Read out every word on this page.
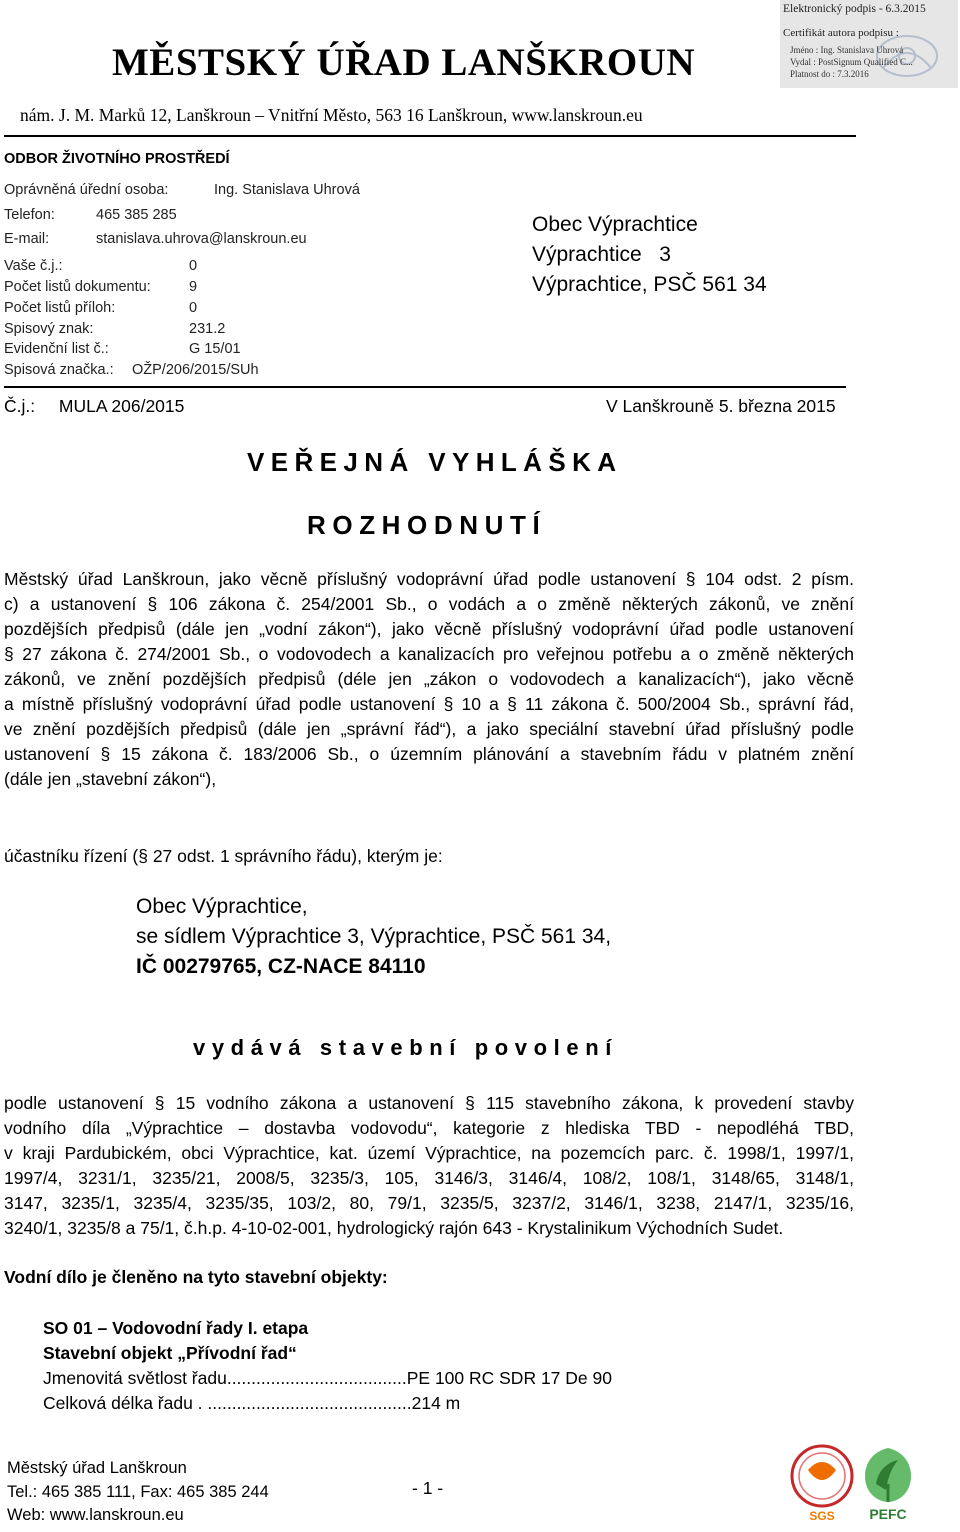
Elektronický podpis - 6.3.2015
Certifikát autora podpisu :
Jméno : Ing. Stanislava Uhrová
Vydal : PostSignum Qualified C...
Platnost do : 7.3.2016
MĚSTSKÝ ÚŘAD LANŠKROUN
nám. J. M. Marků 12, Lanškroun – Vnitřní Město, 563 16 Lanškroun, www.lanskroun.eu
ODBOR ŽIVOTNÍHO PROSTŘEDÍ
Oprávněná úřední osoba:	Ing. Stanislava Uhrová
Telefon:	465 385 285
E-mail:	stanislava.uhrova@lanskroun.eu
Vaše č.j.:	0
Počet listů dokumentu:	9
Počet listů příloh:	0
Spisový znak:	231.2
Evidenční list č.:	G 15/01
Spisová značka.: OŽP/206/2015/SUh
Obec Výprachtice
Výprachtice   3
Výprachtice, PSČ 561 34
Č.j.: MULA 206/2015	V Lanškrouně 5. března 2015
VEŘEJNÁ VYHLÁŠKA
ROZHODNUTÍ
Městský úřad Lanškroun, jako věcně příslušný vodoprávní úřad podle ustanovení § 104 odst. 2 písm.
c) a ustanovení § 106 zákona č. 254/2001 Sb., o vodách a o změně některých zákonů, ve znění
pozdějších předpisů (dále jen „vodní zákon“), jako věcně příslušný vodoprávní úřad podle ustanovení
§ 27 zákona č. 274/2001 Sb., o vodovodech a kanalizacích pro veřejnou potřebu a o změně některých
zákonů, ve znění pozdějších předpisů (déle jen „zákon o vodovodech a kanalizacích“), jako věcně
a místně příslušný vodoprávní úřad podle ustanovení § 10 a § 11 zákona č. 500/2004 Sb., správní řád,
ve znění pozdějších předpisů (dále jen „správní řád“), a jako speciální stavební úřad příslušný podle
ustanovení § 15 zákona č. 183/2006 Sb., o územním plánování a stavebním řádu v platném znění
(dále jen „stavební zákon“),
účastníku řízení (§ 27 odst. 1 správního řádu), kterým je:
Obec Výprachtice,
se sídlem Výprachtice 3, Výprachtice, PSČ 561 34,
IČ 00279765, CZ-NACE 84110
vydává stavební povolení
podle ustanovení § 15 vodního zákona a ustanovení § 115 stavebního zákona, k provedení stavby
vodního díla „Výprachtice – dostavba vodovodu“, kategorie z hlediska TBD - nepodléhá TBD,
v kraji Pardubickém, obci Výprachtice, kat. území Výprachtice, na pozemcích parc. č. 1998/1, 1997/1,
1997/4, 3231/1, 3235/21, 2008/5, 3235/3, 105, 3146/3, 3146/4, 108/2, 108/1, 3148/65, 3148/1,
3147, 3235/1, 3235/4, 3235/35, 103/2, 80, 79/1, 3235/5, 3237/2, 3146/1, 3238, 2147/1, 3235/16,
3240/1, 3235/8 a 75/1, č.h.p. 4-10-02-001, hydrologický rajón 643 - Krystalinikum Východních Sudet.
Vodní dílo je členěno na tyto stavební objekty:
SO 01 – Vodovodní řady I. etapa
Stavební objekt „Přívodní řad“
Jmenovitá světlost řadu.....................................PE 100 RC SDR 17 De 90
Celková délka řadu . ..........................................214 m
Městský úřad Lanškroun
Tel.: 465 385 111, Fax: 465 385 244
Web: www.lanskroun.eu
- 1 -
SGS PEFC
